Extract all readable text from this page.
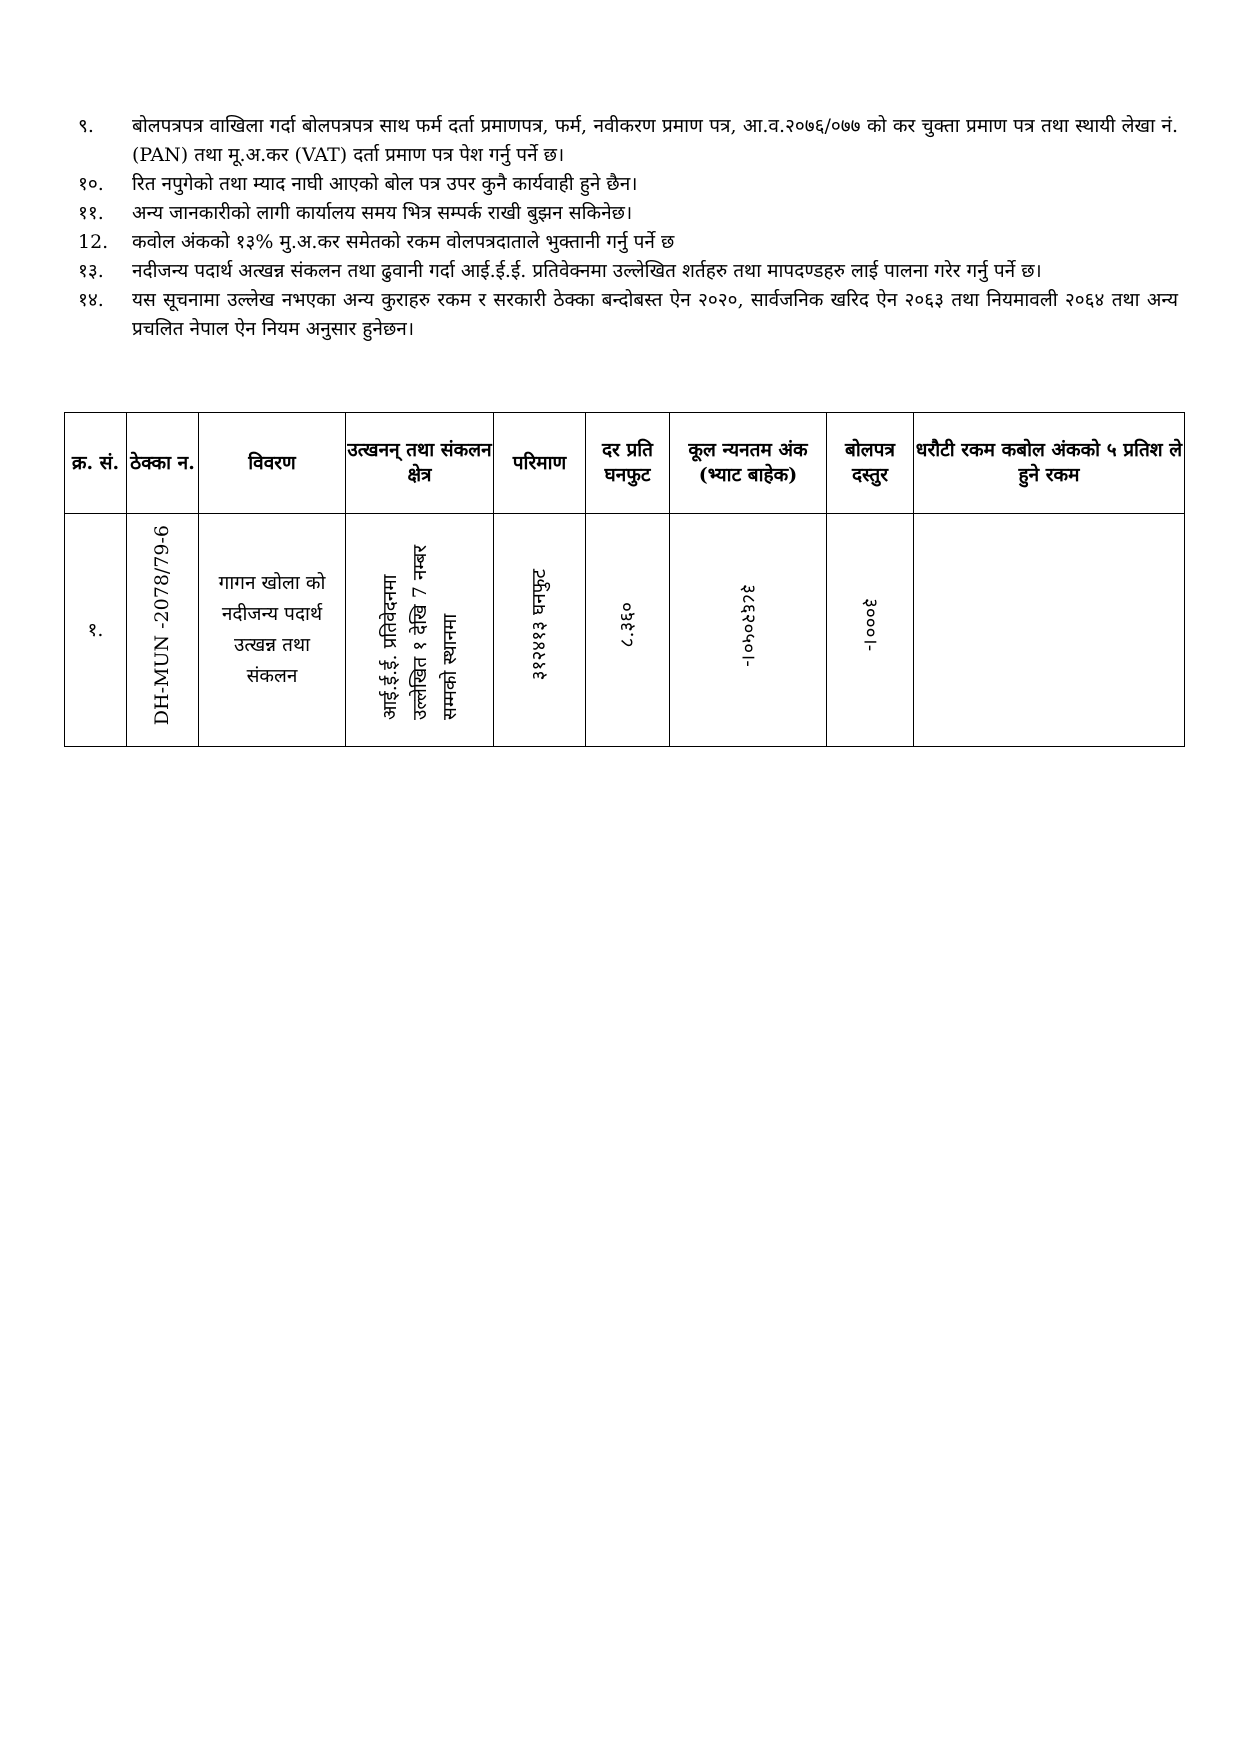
९.	बोलपत्रपत्र वाखिला गर्दा बोलपत्रपत्र साथ फर्म दर्ता प्रमाणपत्र, फर्म, नवीकरण प्रमाण पत्र, आ.व.२०७६/०७७ को कर चुक्ता प्रमाण पत्र तथा स्थायी लेखा नं. (PAN) तथा मू.अ.कर (VAT) दर्ता प्रमाण पत्र पेश गर्नु पर्ने छ।
१०.	रित नपुगेको तथा म्याद नाघी आएको बोल पत्र उपर कुनै कार्यवाही हुने छैन।
११.	अन्य जानकारीको लागी कार्यालय समय भित्र सम्पर्क राखी बुझन सकिनेछ।
12.	कवोल अंकको १३% मु.अ.कर समेतको रकम वोलपत्रदाताले भुक्तानी गर्नु पर्ने छ
१३.	नदीजन्य पदार्थ अत्खन्न संकलन तथा ढुवानी गर्दा आई.ई.ई. प्रतिवेक्नमा उल्लेखित शर्तहरु तथा मापदण्डहरु लाई पालना गरेर गर्नु पर्ने छ।
१४.	यस सूचनामा उल्लेख नभएका अन्य कुराहरु रकम र सरकारी ठेक्का बन्दोबस्त ऐन २०२०, सार्वजनिक खरिद ऐन २०६३ तथा नियमावली २०६४ तथा अन्य प्रचलित नेपाल ऐन नियम अनुसार हुनेछन।
क्र. सं.	ठेक्का न.	विवरण	उत्खनन् तथा संकलन क्षेत्र	परिमाण	दर प्रति घनफुट	कूल न्यनतम अंक (भ्याट बाहेक)	बोलपत्र दस्तुर	धरौटी रकम कबोल अंकको ५ प्रतिश ले हुने रकम
१.	DH-MUN -2078/79-6	गागन खोला को नदीजन्य पदार्थ उत्खन्न तथा संकलन	आई.ई.ई. प्रतिवेदनमा उल्लेखित १ देखि 7 नम्बर सम्मको स्थानमा	३१२४१३ घनफुट	८.३६०	३८६२०५०।-	३०००।-	
